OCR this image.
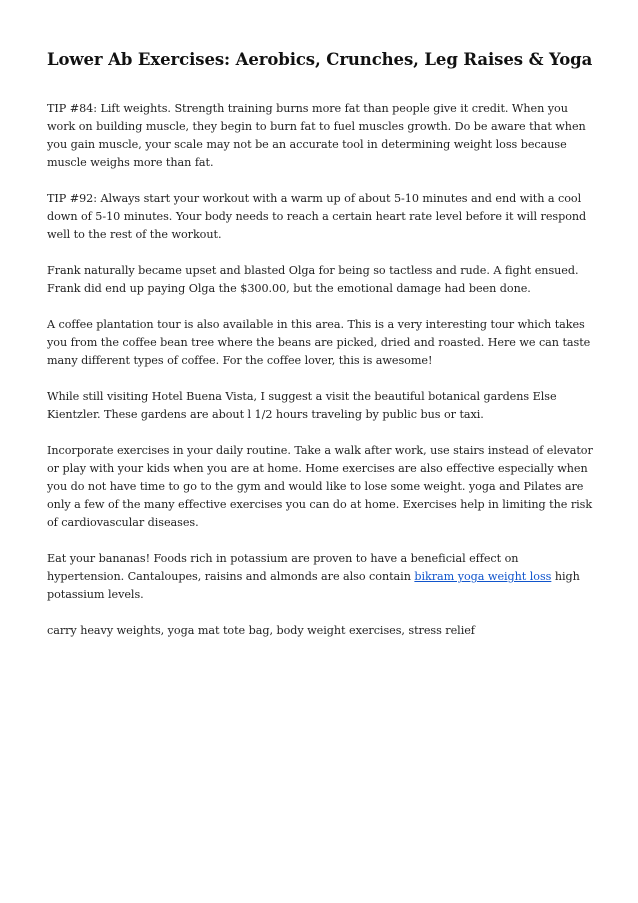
Lower Ab Exercises: Aerobics, Crunches, Leg Raises & Yoga

TIP #84: Lift weights. Strength training burns more fat than people give it credit. When you work on building muscle, they begin to burn fat to fuel muscles growth. Do be aware that when you gain muscle, your scale may not be an accurate tool in determining weight loss because muscle weighs more than fat.

TIP #92: Always start your workout with a warm up of about 5-10 minutes and end with a cool down of 5-10 minutes. Your body needs to reach a certain heart rate level before it will respond well to the rest of the workout.

Frank naturally became upset and blasted Olga for being so tactless and rude. A fight ensued. Frank did end up paying Olga the $300.00, but the emotional damage had been done.

A coffee plantation tour is also available in this area. This is a very interesting tour which takes you from the coffee bean tree where the beans are picked, dried and roasted. Here we can taste many different types of coffee. For the coffee lover, this is awesome!

While still visiting Hotel Buena Vista, I suggest a visit the beautiful botanical gardens Else Kientzler. These gardens are about l 1/2 hours traveling by public bus or taxi.

Incorporate exercises in your daily routine. Take a walk after work, use stairs instead of elevator or play with your kids when you are at home. Home exercises are also effective especially when you do not have time to go to the gym and would like to lose some weight. yoga and Pilates are only a few of the many effective exercises you can do at home. Exercises help in limiting the risk of cardiovascular diseases.

Eat your bananas! Foods rich in potassium are proven to have a beneficial effect on hypertension. Cantaloupes, raisins and almonds are also contain bikram yoga weight loss high potassium levels.

carry heavy weights, yoga mat tote bag, body weight exercises, stress relief
